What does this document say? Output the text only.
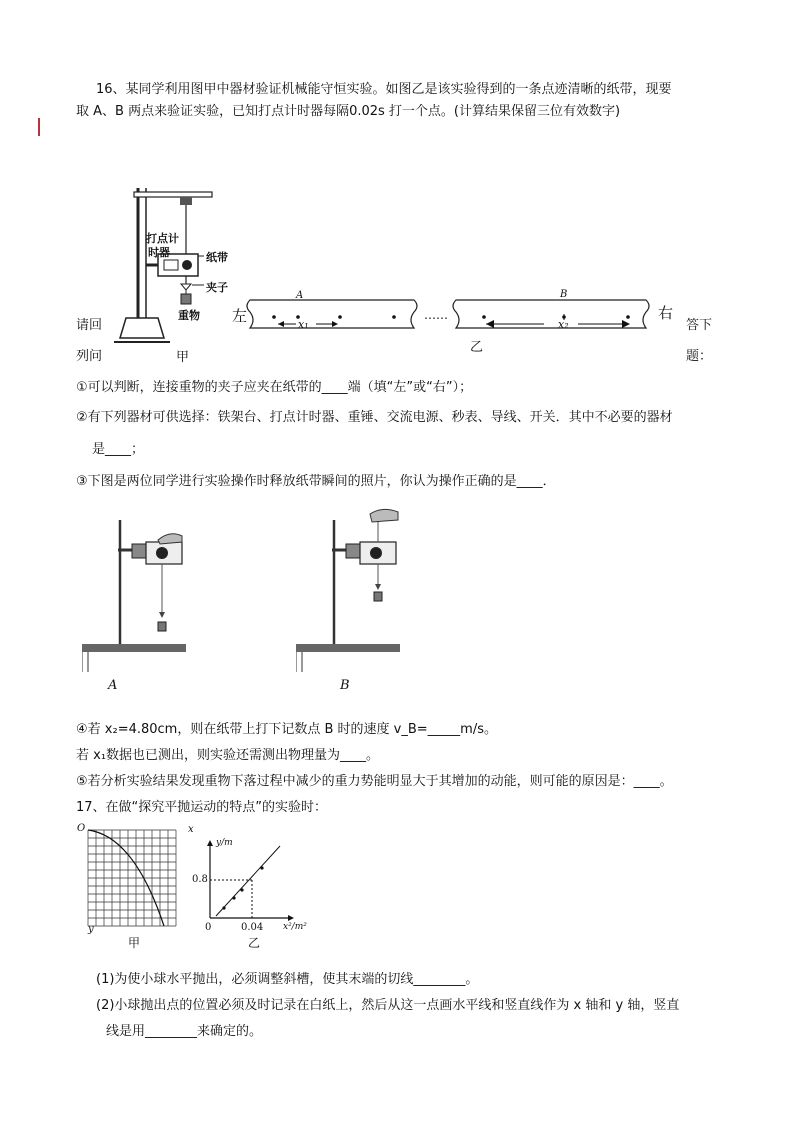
16、某同学利用图甲中器材验证机械能守恒实验。如图乙是该实验得到的一条点迹清晰的纸带，现要
取 A、B 两点来验证实验，已知打点计时器每隔0.02s 打一个点。(计算结果保留三位有效数字)
打点计
时器	纸带
夹子
重物
甲
请回
列问
答下
题：
左	右
A	B
x₁	x₂
……
乙
①可以判断，连接重物的夹子应夹在纸带的____端（填“左”或“右”）；
②有下列器材可供选择：铁架台、打点计时器、重锤、交流电源、秒表、导线、开关．其中不必要的器材
是____；
③下图是两位同学进行实验操作时释放纸带瞬间的照片，你认为操作正确的是____．
A	B
④若 x₂=4.80cm，则在纸带上打下记数点 B 时的速度 v_B=_____m/s。
若 x₁数据也已测出，则实验还需测出物理量为____。
⑤若分析实验结果发现重物下落过程中减少的重力势能明显大于其增加的动能，则可能的原因是：____。
17、在做“探究平抛运动的特点”的实验时：
O	x
y
甲
y/m
x²/m²
0.8
0.04
0
乙
(1)为使小球水平抛出，必须调整斜槽，使其末端的切线________。
(2)小球抛出点的位置必须及时记录在白纸上，然后从这一点画水平线和竖直线作为 x 轴和 y 轴，竖直
线是用________来确定的。
